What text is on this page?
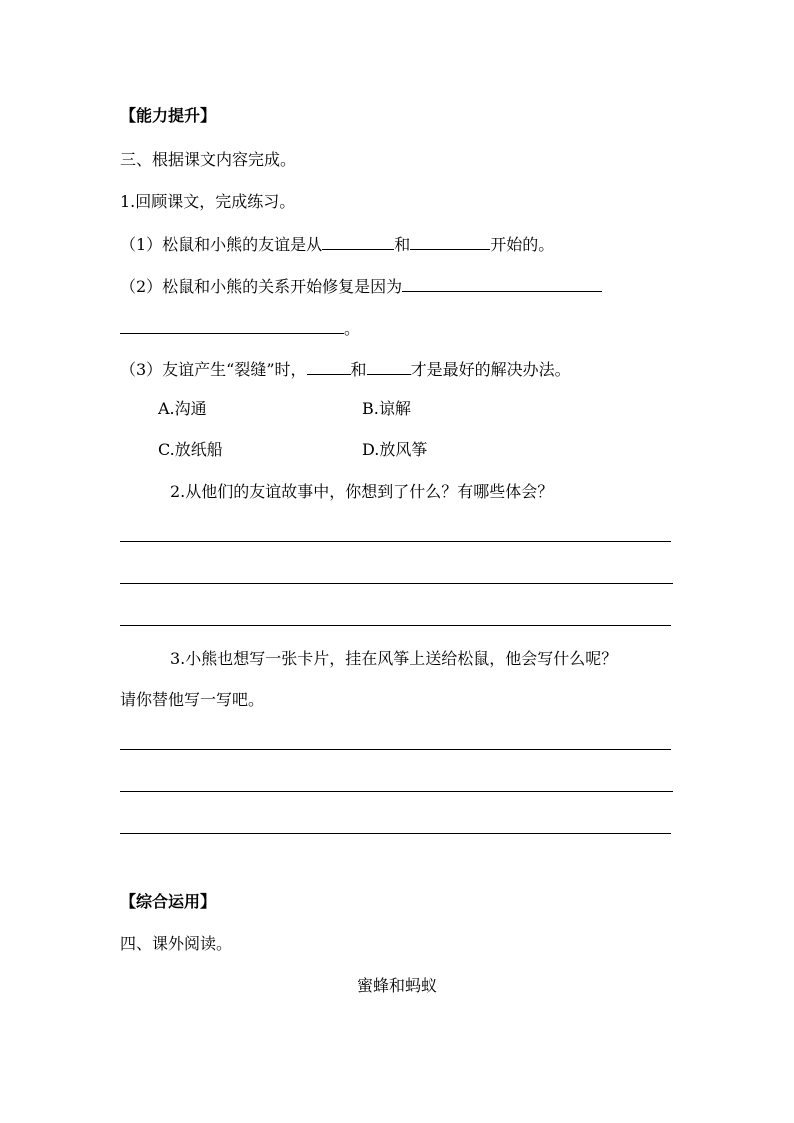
【能力提升】
三、根据课文内容完成。
1.回顾课文，完成练习。
（1）松鼠和小熊的友谊是从	和	开始的。
（2）松鼠和小熊的关系开始修复是因为
。
（3）友谊产生“裂缝”时，	和	才是最好的解决办法。
A.沟通	B.谅解
C.放纸船	D.放风筝
2.从他们的友谊故事中，你想到了什么？有哪些体会？
3.小熊也想写一张卡片，挂在风筝上送给松鼠，他会写什么呢？
请你替他写一写吧。
【综合运用】
四、课外阅读。
蜜蜂和蚂蚁
